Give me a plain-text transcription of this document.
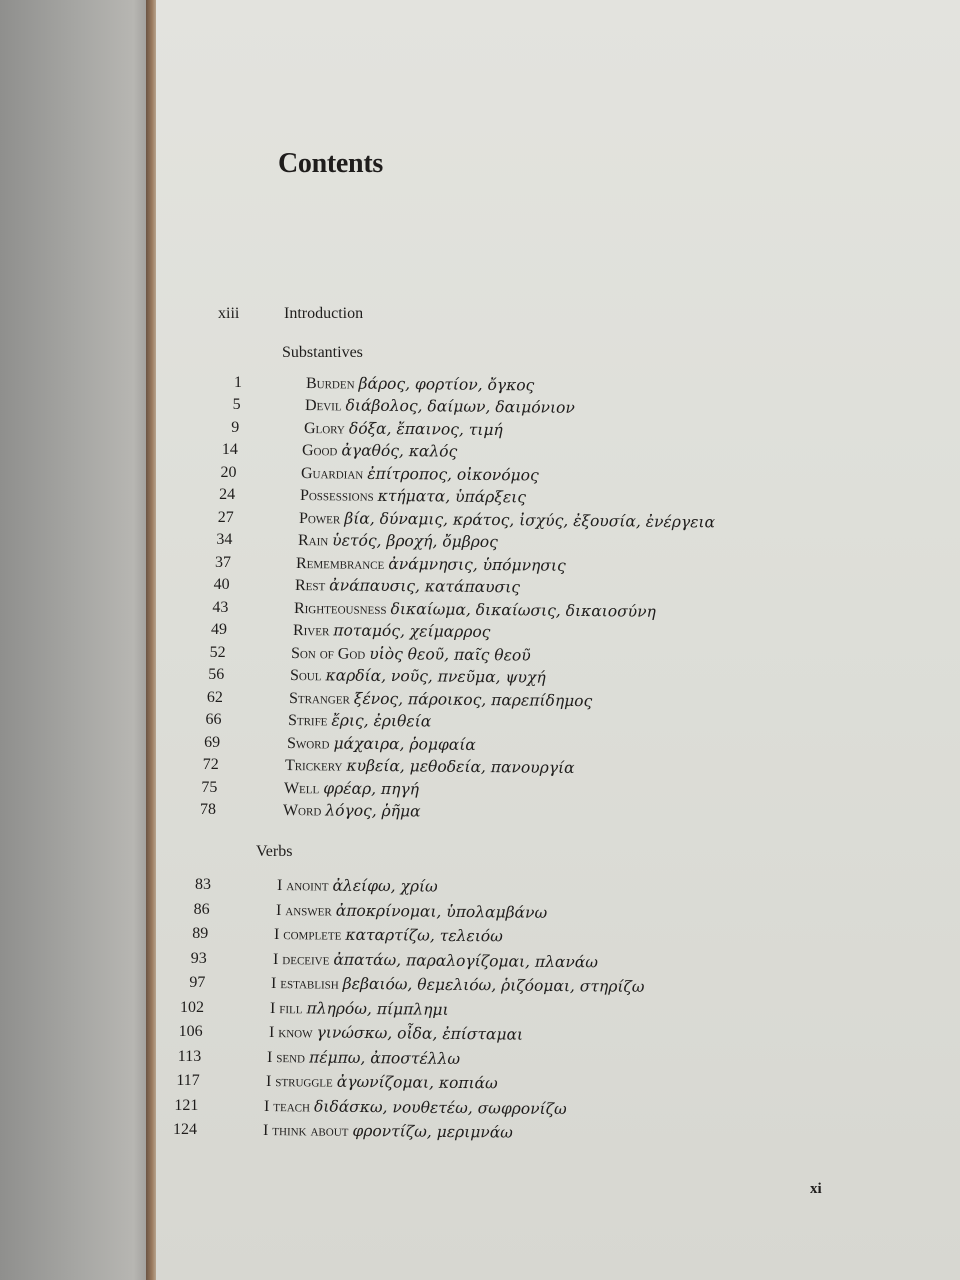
Contents
xiii	Introduction
Substantives
1	Burden βάρος, φορτίον, ὄγκος
5	Devil διάβολος, δαίμων, δαιμόνιον
9	Glory δόξα, ἔπαινος, τιμή
14	Good ἀγαθός, καλός
20	Guardian ἐπίτροπος, οἰκονόμος
24	Possessions κτήματα, ὑπάρξεις
27	Power βία, δύναμις, κράτος, ἰσχύς, ἐξουσία, ἐνέργεια
34	Rain ὑετός, βροχή, ὄμβρος
37	Remembrance ἀνάμνησις, ὑπόμνησις
40	Rest ἀνάπαυσις, κατάπαυσις
43	Righteousness δικαίωμα, δικαίωσις, δικαιοσύνη
49	River ποταμός, χείμαρρος
52	Son of God υἱὸς θεοῦ, παῖς θεοῦ
56	Soul καρδία, νοῦς, πνεῦμα, ψυχή
62	Stranger ξένος, πάροικος, παρεπίδημος
66	Strife ἔρις, ἐριθεία
69	Sword μάχαιρα, ῥομφαία
72	Trickery κυβεία, μεθοδεία, πανουργία
75	Well φρέαρ, πηγή
78	Word λόγος, ῥῆμα
Verbs
83	I anoint ἀλείφω, χρίω
86	I answer ἀποκρίνομαι, ὑπολαμβάνω
89	I complete καταρτίζω, τελειόω
93	I deceive ἀπατάω, παραλογίζομαι, πλανάω
97	I establish βεβαιόω, θεμελιόω, ῥιζόομαι, στηρίζω
102	I fill πληρόω, πίμπλημι
106	I know γινώσκω, οἶδα, ἐπίσταμαι
113	I send πέμπω, ἀποστέλλω
117	I struggle ἀγωνίζομαι, κοπιάω
121	I teach διδάσκω, νουθετέω, σωφρονίζω
124	I think about φροντίζω, μεριμνάω
xi
